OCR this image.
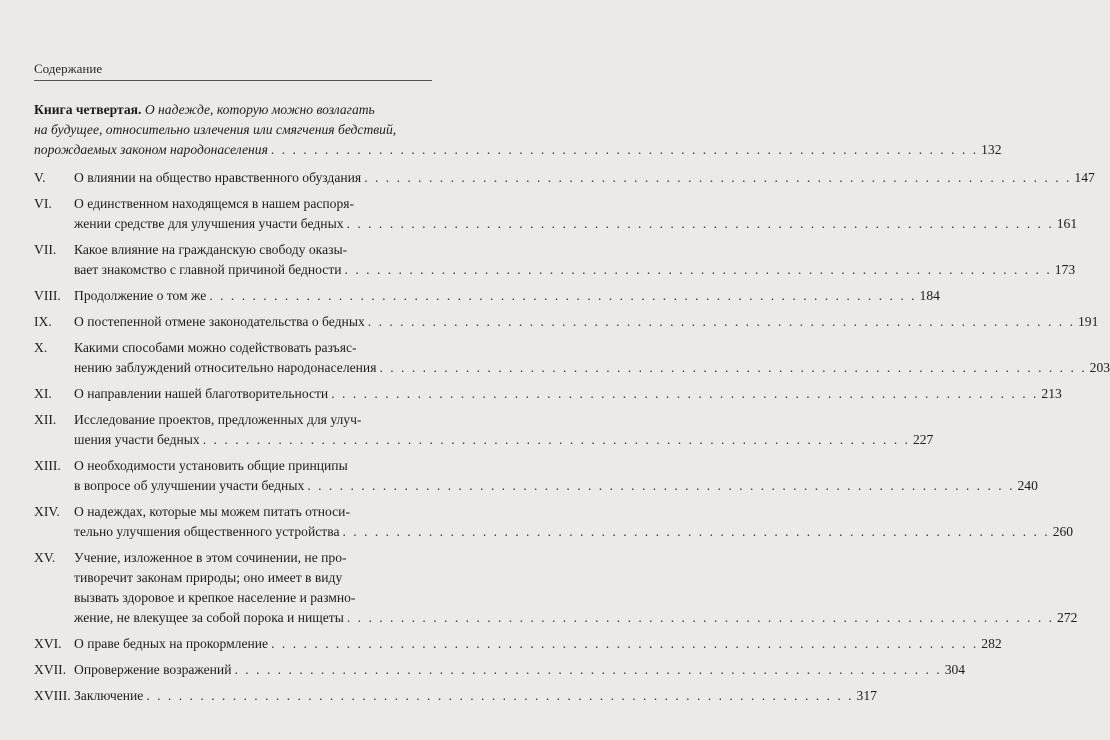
Содержание
Книга четвертая. О надежде, которую можно возлагать
на будущее, относительно излечения или смягчения бедствий,
порождаемых законом народонаселения . . .	132
V.	О влиянии на общество нравственного обуздания . . .	147
VI.	О единственном находящемся в нашем распоря-
жении средстве для улучшения участи бедных . . .	161
VII.	Какое влияние на гражданскую свободу оказы-
вает знакомство с главной причиной бедности . . .	173
VIII. Продолжение о том же . . .	184
IX.	О постепенной отмене законодательства о бедных . . .	191
X.	Какими способами можно содействовать разъяс-
нению заблуждений относительно народонаселения . . .	203
XI.	О направлении нашей благотворительности . . .	213
XII.	Исследование проектов, предложенных для улуч-
шения участи бедных . . .	227
XIII. О необходимости установить общие принципы
в вопросе об улучшении участи бедных . . .	240
XIV.	О надеждах, которые мы можем питать относи-
тельно улучшения общественного устройства . . .	260
XV.	Учение, изложенное в этом сочинении, не про-
тиворечит законам природы; оно имеет в виду
вызвать здоровое и крепкое население и размно-
жение, не влекущее за собой порока и нищеты . . .	272
XVI. О праве бедных на прокормление . . .	282
XVII. Опровержение возражений . . .	304
XVIII. Заключение . . .	317
